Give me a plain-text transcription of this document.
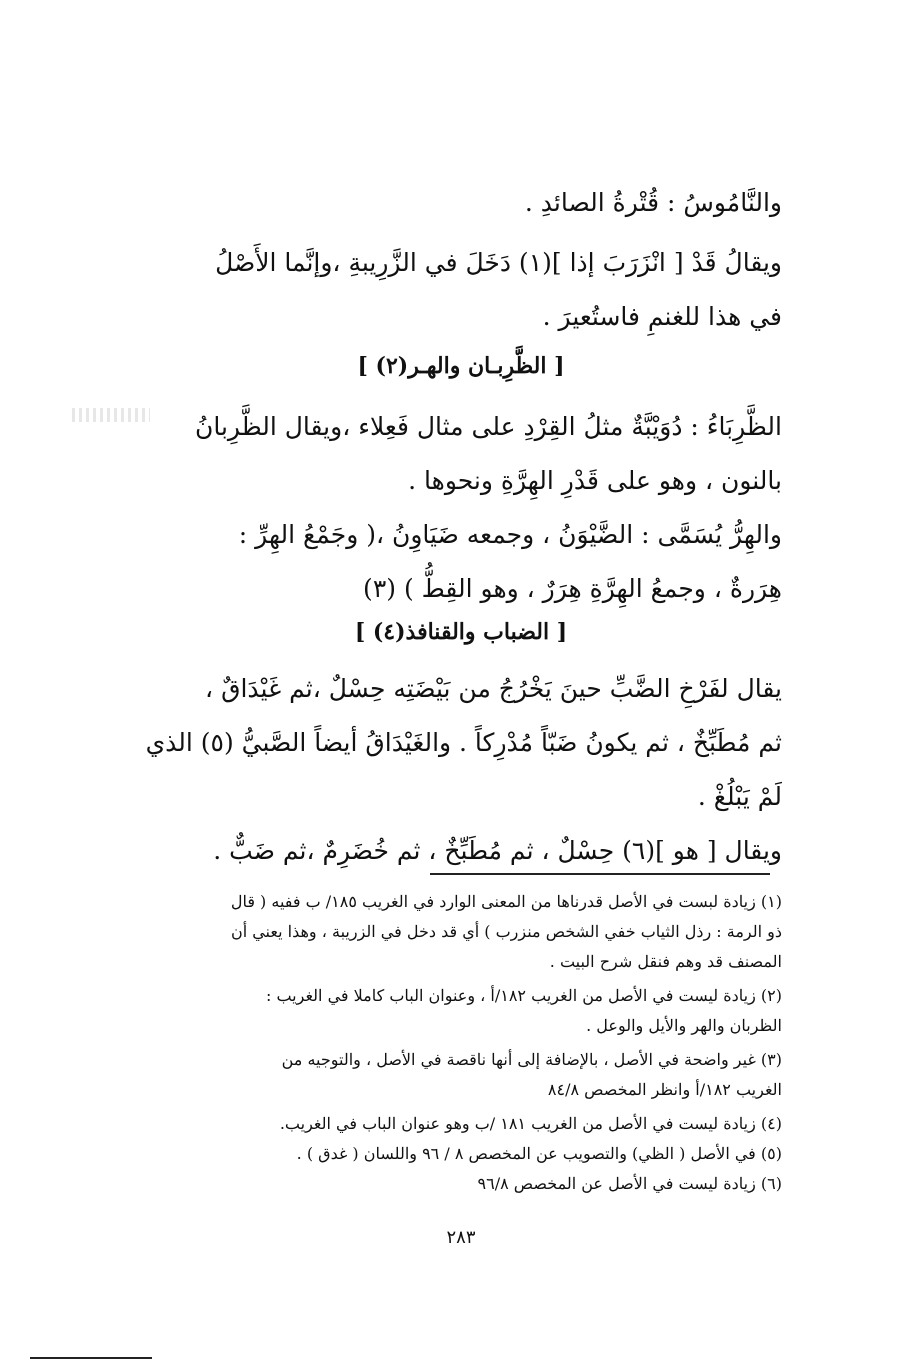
والنَّامُوسُ : قُتْرةُ الصائدِ .
ويقالُ قَدْ [ انْزَرَبَ إذا ](١) دَخَلَ في الزَّرِيبةِ ،وإنَّما الأَصْلُ
في هذا للغنمِ فاستُعيرَ .
[ الظَّرِبـان والهـر(٢) ]
الظَّرِبَاءُ : دُوَيْبَّةٌ مثلُ القِرْدِ على مثال فَعِلاء ،ويقال الظَّرِبانُ
بالنون ، وهو على قَدْرِ الهِرَّةِ ونحوها .
والهِرُّ يُسَمَّى : الضَّيْوَنُ ، وجمعه ضَيَاوِنُ ،( وجَمْعُ الهِرِّ :
هِرَرةٌ ، وجمعُ الهِرَّةِ هِرَرٌ ، وهو القِطُّ ) (٣)
[ الضباب والقنافذ(٤) ]
يقال لفَرْخِ الضَّبِّ حينَ يَخْرُجُ من بَيْضَتِه حِسْلٌ ،ثم غَيْدَاقٌ ،
ثم مُطَبِّخٌ ، ثم يكونُ ضَبّاً مُدْرِكاً . والغَيْدَاقُ أيضاً الصَّبيُّ (٥) الذي
لَمْ يَبْلُغْ .
ويقال [ هو ](٦) حِسْلٌ ، ثم مُطَبِّخٌ ، ثم خُضَرِمٌ ،ثم ضَبٌّ .
(١) زيادة لبست في الأصل قدرناها من المعنى الوارد في الغريب ١٨٥/ ب ففيه ( قال
ذو الرمة : رذل الثياب خفي الشخص منزرب ) أي قد دخل في الزريبة ، وهذا يعني أن
المصنف قد وهم فنقل شرح البيت .
(٢) زيادة ليست في الأصل من الغريب ١٨٢/أ ، وعنوان الباب كاملا في الغريب :
الظربان والهر والأيل والوعل .
(٣) غير واضحة في الأصل ، بالإضافة إلى أنها ناقصة في الأصل ، والتوجيه من
الغريب ١٨٢/أ وانظر المخصص ٨٤/٨
(٤) زيادة ليست في الأصل من الغريب ١٨١ /ب وهو عنوان الباب في الغريب.
(٥) في الأصل ( الظي) والتصويب عن المخصص ٨ / ٩٦ واللسان ( غدق ) .
(٦) زيادة ليست في الأصل عن المخصص ٩٦/٨
٢٨٣
